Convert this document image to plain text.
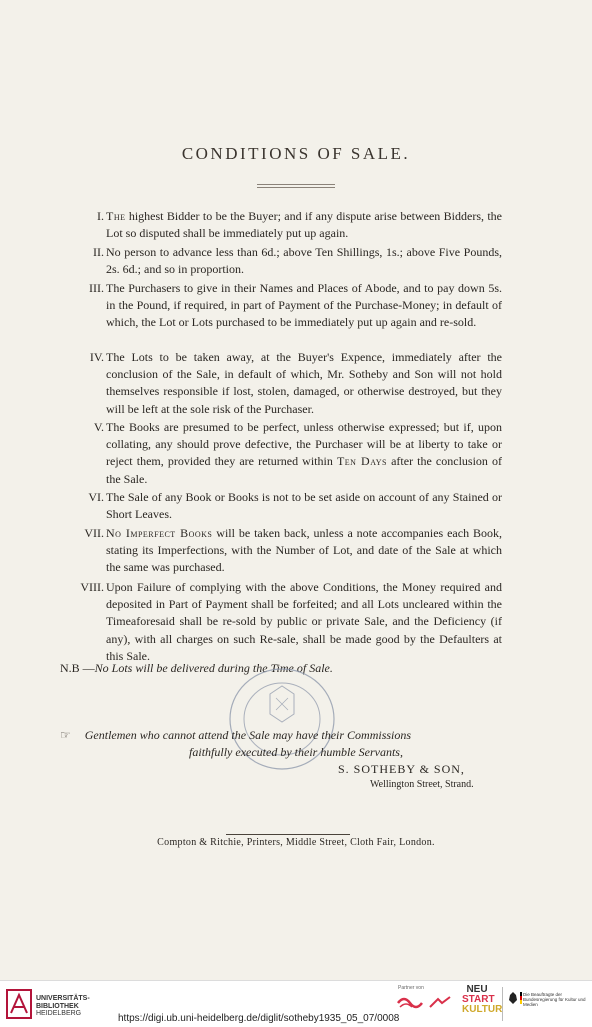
CONDITIONS OF SALE.
I. The highest Bidder to be the Buyer; and if any dispute arise between Bidders, the Lot so disputed shall be immediately put up again.
II. No person to advance less than 6d.; above Ten Shillings, 1s.; above Five Pounds, 2s. 6d.; and so in proportion.
III. The Purchasers to give in their Names and Places of Abode, and to pay down 5s. in the Pound, if required, in part of Payment of the Purchase-Money; in default of which, the Lot or Lots purchased to be immediately put up again and re-sold.
IV. The Lots to be taken away, at the Buyer's Expence, immediately after the conclusion of the Sale, in default of which, Mr. Sotheby and Son will not hold themselves responsible if lost, stolen, damaged, or otherwise destroyed, but they will be left at the sole risk of the Purchaser.
V. The Books are presumed to be perfect, unless otherwise expressed; but if, upon collating, any should prove defective, the Purchaser will be at liberty to take or reject them, provided they are returned within Ten Days after the conclusion of the Sale.
VI. The Sale of any Book or Books is not to be set aside on account of any Stained or Short Leaves.
VII. No Imperfect Books will be taken back, unless a note accompanies each Book, stating its Imperfections, with the Number of Lot, and date of the Sale at which the same was purchased.
VIII. Upon Failure of complying with the above Conditions, the Money required and deposited in Part of Payment shall be forfeited; and all Lots uncleared within the Timeaforesaid shall be re-sold by public or private Sale, and the Deficiency (if any), with all charges on such Re-sale, shall be made good by the Defaulters at this Sale.
N.B —No Lots will be delivered during the Time of Sale.
☞ Gentlemen who cannot attend the Sale may have their Commissions
faithfully executed by their humble Servants,
S. SOTHEBY & SON,
Wellington Street, Strand.
Compton & Ritchie, Printers, Middle Street, Cloth Fair, London.
UNIVERSITÄTS-
BIBLIOTHEK
HEIDELBERG	https://digi.ub.uni-heidelberg.de/diglit/sotheby1935_05_07/0008
Partner von	NEU
START
KULTUR
Die Beauftragte der Bundesregierung für Kultur und Medien
